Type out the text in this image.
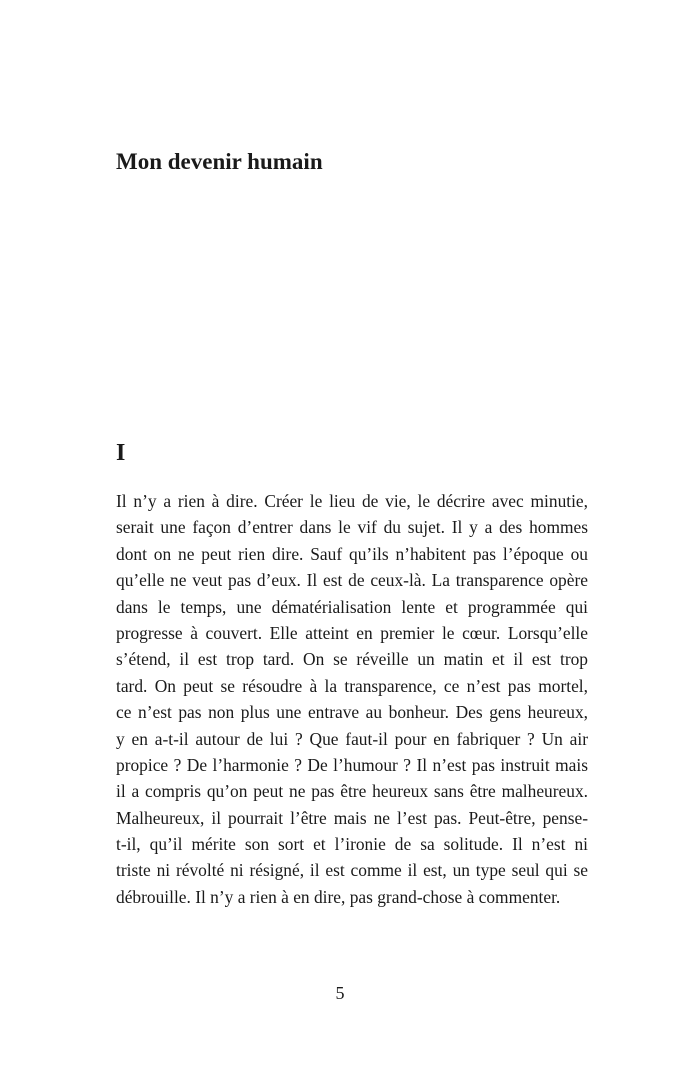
Mon devenir humain
I

Il n’y a rien à dire. Créer le lieu de vie, le décrire avec minutie,
serait une façon d’entrer dans le vif du sujet. Il y a des hommes
dont on ne peut rien dire. Sauf qu’ils n’habitent pas l’époque ou
qu’elle ne veut pas d’eux. Il est de ceux-là. La transparence opère
dans le temps, une dématérialisation lente et programmée qui
progresse à couvert. Elle atteint en premier le cœur. Lorsqu’elle
s’étend, il est trop tard. On se réveille un matin et il est trop
tard. On peut se résoudre à la transparence, ce n’est pas mortel,
ce n’est pas non plus une entrave au bonheur. Des gens heureux,
y en a-t-il autour de lui ? Que faut-il pour en fabriquer ? Un air
propice ? De l’harmonie ? De l’humour ? Il n’est pas instruit mais
il a compris qu’on peut ne pas être heureux sans être malheureux.
Malheureux, il pourrait l’être mais ne l’est pas. Peut-être, pense-
t-il, qu’il mérite son sort et l’ironie de sa solitude. Il n’est ni
triste ni révolté ni résigné, il est comme il est, un type seul qui se
débrouille. Il n’y a rien à en dire, pas grand-chose à commenter.

5
